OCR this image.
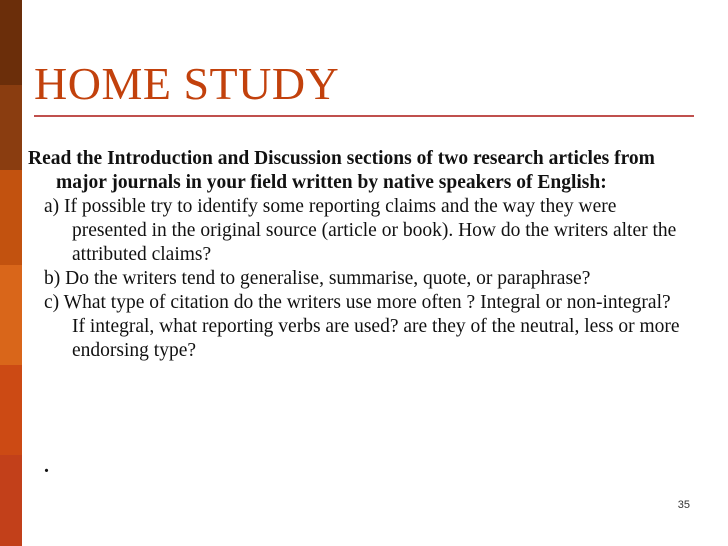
HOME STUDY

Read the Introduction and Discussion sections of two research articles from major journals in your field written by native speakers of English:

a) If possible try to identify some reporting claims and the way they were presented in the original source (article or book). How do the writers alter the attributed claims?

b) Do the writers tend to generalise, summarise, quote, or paraphrase?

c) What type of citation do the writers use more often ? Integral or non-integral? If integral, what reporting verbs are used? are they of the neutral, less or more endorsing type?

.
35
